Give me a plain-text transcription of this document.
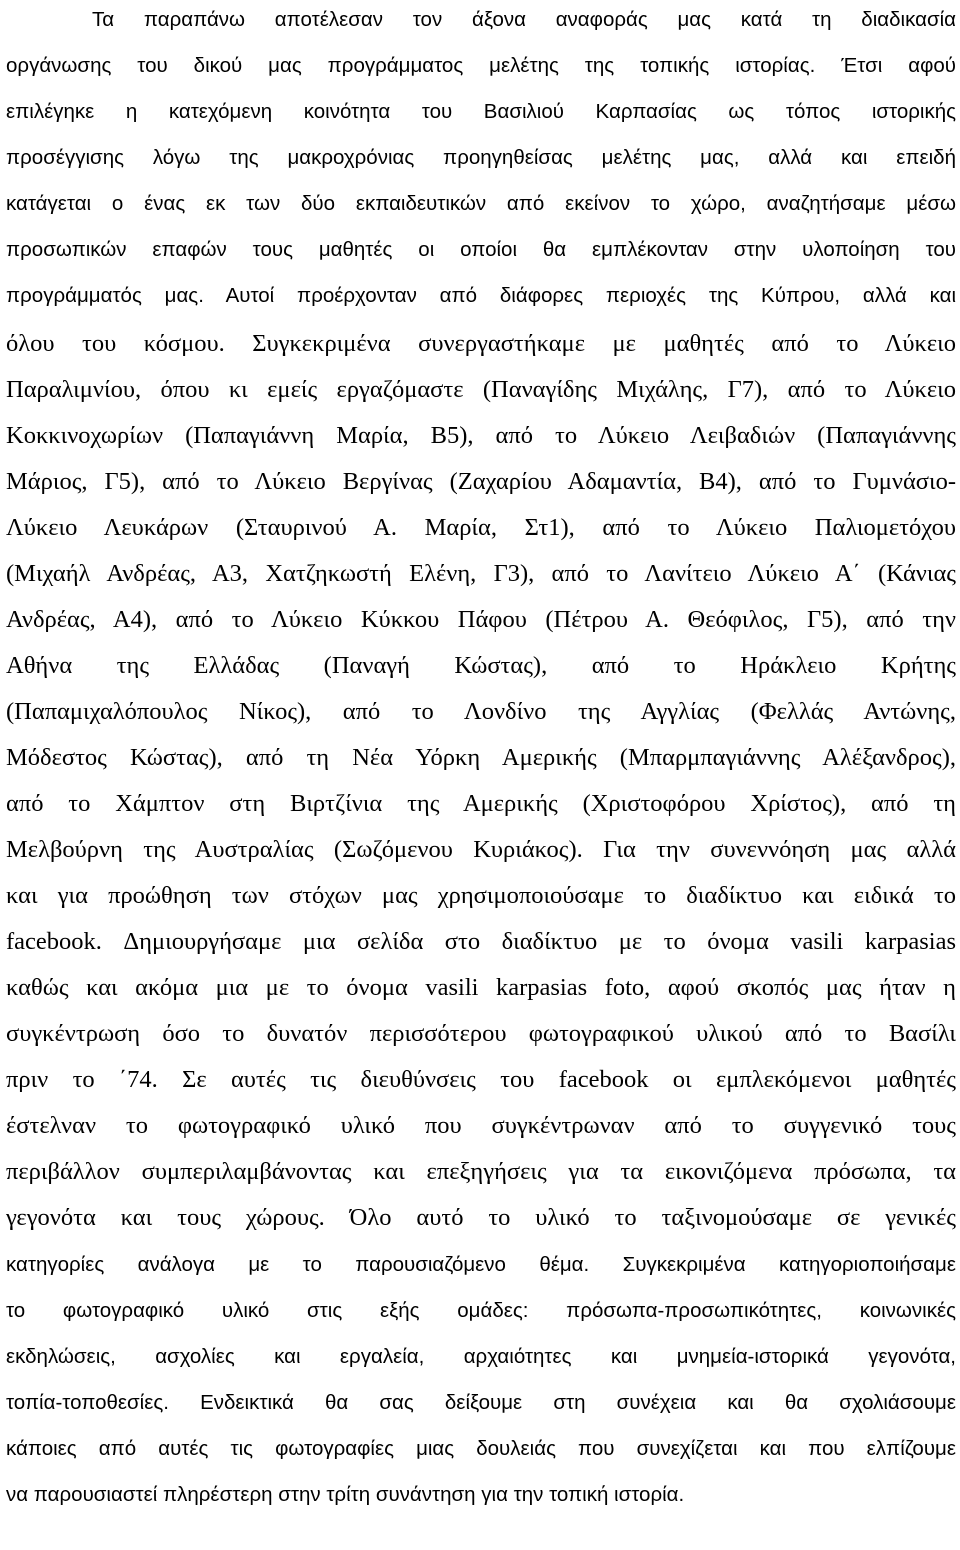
Τα παραπάνω αποτέλεσαν τον άξονα αναφοράς μας κατά τη διαδικασία
οργάνωσης του δικού μας προγράμματος μελέτης της τοπικής ιστορίας. Έτσι αφού
επιλέγηκε η κατεχόμενη κοινότητα του Βασιλιού Καρπασίας ως τόπος ιστορικής
προσέγγισης λόγω της μακροχρόνιας προηγηθείσας μελέτης μας, αλλά και επειδή
κατάγεται ο ένας εκ των δύο εκπαιδευτικών από εκείνον το χώρο, αναζητήσαμε μέσω
προσωπικών επαφών τους μαθητές οι οποίοι θα εμπλέκονταν στην υλοποίηση του
προγράμματός μας. Αυτοί προέρχονταν από διάφορες περιοχές της Κύπρου, αλλά και
όλου του κόσμου. Συγκεκριμένα συνεργαστήκαμε με μαθητές από το Λύκειο
Παραλιμνίου, όπου κι εμείς εργαζόμαστε (Παναγίδης Μιχάλης, Γ7), από το Λύκειο
Κοκκινοχωρίων (Παπαγιάννη Μαρία, Β5), από το Λύκειο Λειβαδιών (Παπαγιάννης
Μάριος, Γ5), από το Λύκειο Βεργίνας (Ζαχαρίου Αδαμαντία, Β4), από το Γυμνάσιο-
Λύκειο Λευκάρων (Σταυρινού Α. Μαρία, Στ1), από το Λύκειο Παλιομετόχου
(Μιχαήλ Ανδρέας, Α3, Χατζηκωστή Ελένη, Γ3), από το Λανίτειο Λύκειο Α΄ (Κάνιας
Ανδρέας, Α4), από το Λύκειο Κύκκου Πάφου (Πέτρου Α. Θεόφιλος, Γ5), από την
Αθήνα της Ελλάδας (Παναγή Κώστας), από το Ηράκλειο Κρήτης
(Παπαμιχαλόπουλος Νίκος), από το Λονδίνο της Αγγλίας (Φελλάς Αντώνης,
Μόδεστος Κώστας), από τη Νέα Υόρκη Αμερικής (Μπαρμπαγιάννης Αλέξανδρος),
από το Χάμπτον στη Βιρτζίνια της Αμερικής (Χριστοφόρου Χρίστος), από τη
Μελβούρνη της Αυστραλίας (Σωζόμενου Κυριάκος). Για την συνεννόηση μας αλλά
και για προώθηση των στόχων μας χρησιμοποιούσαμε το διαδίκτυο και ειδικά το
facebook. Δημιουργήσαμε μια σελίδα στο διαδίκτυο με το όνομα vasili karpasias
καθώς και ακόμα μια με το όνομα vasili karpasias foto, αφού σκοπός μας ήταν η
συγκέντρωση όσο το δυνατόν περισσότερου φωτογραφικού υλικού από το Βασίλι
πριν το ΄74. Σε αυτές τις διευθύνσεις του facebook οι εμπλεκόμενοι μαθητές
έστελναν το φωτογραφικό υλικό που συγκέντρωναν από το συγγενικό τους
περιβάλλον συμπεριλαμβάνοντας και επεξηγήσεις για τα εικονιζόμενα πρόσωπα, τα
γεγονότα και τους χώρους. Όλο αυτό το υλικό το ταξινομούσαμε σε γενικές
κατηγορίες ανάλογα με το παρουσιαζόμενο θέμα. Συγκεκριμένα κατηγοριοποιήσαμε
το φωτογραφικό υλικό στις εξής ομάδες: πρόσωπα-προσωπικότητες, κοινωνικές
εκδηλώσεις, ασχολίες και εργαλεία, αρχαιότητες και μνημεία-ιστορικά γεγονότα,
τοπία-τοποθεσίες. Ενδεικτικά θα σας δείξουμε στη συνέχεια και θα σχολιάσουμε
κάποιες από αυτές τις φωτογραφίες μιας δουλειάς που συνεχίζεται και που ελπίζουμε
να παρουσιαστεί πληρέστερη στην τρίτη συνάντηση για την τοπική ιστορία.
